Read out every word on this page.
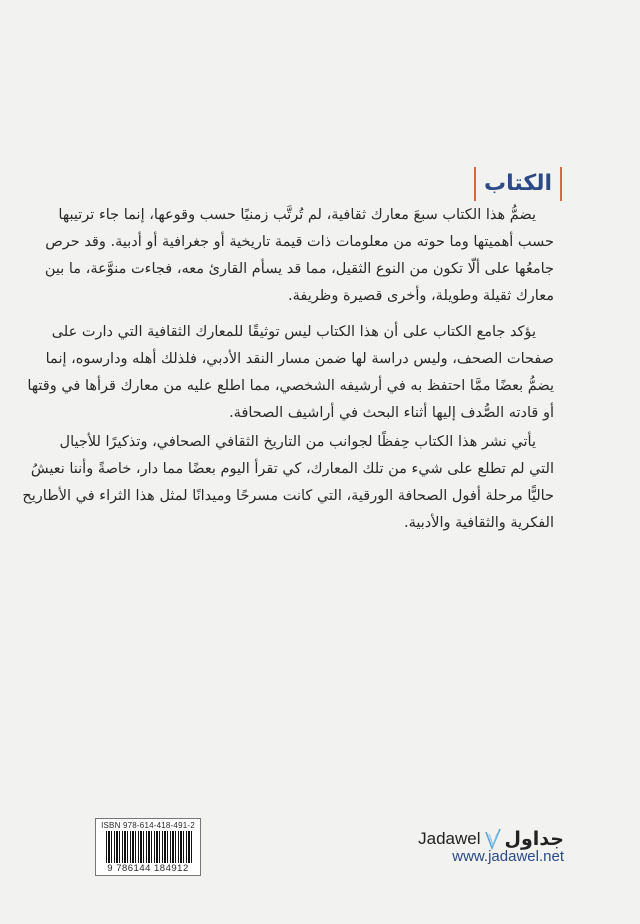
الكتاب
يضمُّ هذا الكتاب سبعَ معارك ثقافية، لم تُرتَّب زمنيًا حسب وقوعها، إنما جاء ترتيبها
حسب أهميتها وما حوته من معلومات ذات قيمة تاريخية أو جغرافية أو أدبية. وقد حرص
جامعُها على ألّا تكون من النوع الثقيل، مما قد يسأم القارئ معه، فجاءت منوَّعة، ما بين
معارك ثقيلة وطويلة، وأخرى قصيرة وظريفة.
يؤكد جامع الكتاب على أن هذا الكتاب ليس توثيقًا للمعارك الثقافية التي دارت على
صفحات الصحف، وليس دراسة لها ضمن مسار النقد الأدبي، فلذلك أهله ودارسوه، إنما
يضمُّ بعضًا ممَّا احتفظ به في أرشيفه الشخصي، مما اطلع عليه من معارك قرأها في وقتها
أو قادته الصُّدف إليها أثناء البحث في أراشيف الصحافة.
يأتي نشر هذا الكتاب حِفظًا لجوانب من التاريخ الثقافي الصحافي، وتذكيرًا للأجيال
التي لم تطلع على شيء من تلك المعارك، كي تقرأ اليوم بعضًا مما دار، خاصةً وأننا نعيشُ
حاليًّا مرحلة أفول الصحافة الورقية، التي كانت مسرحًا وميدانًا لمثل هذا الثراء في الأطاريح
الفكرية والثقافية والأدبية.
ISBN 978-614-418-491-2
9 786144 184912
Jadawel جداول
www.jadawel.net
